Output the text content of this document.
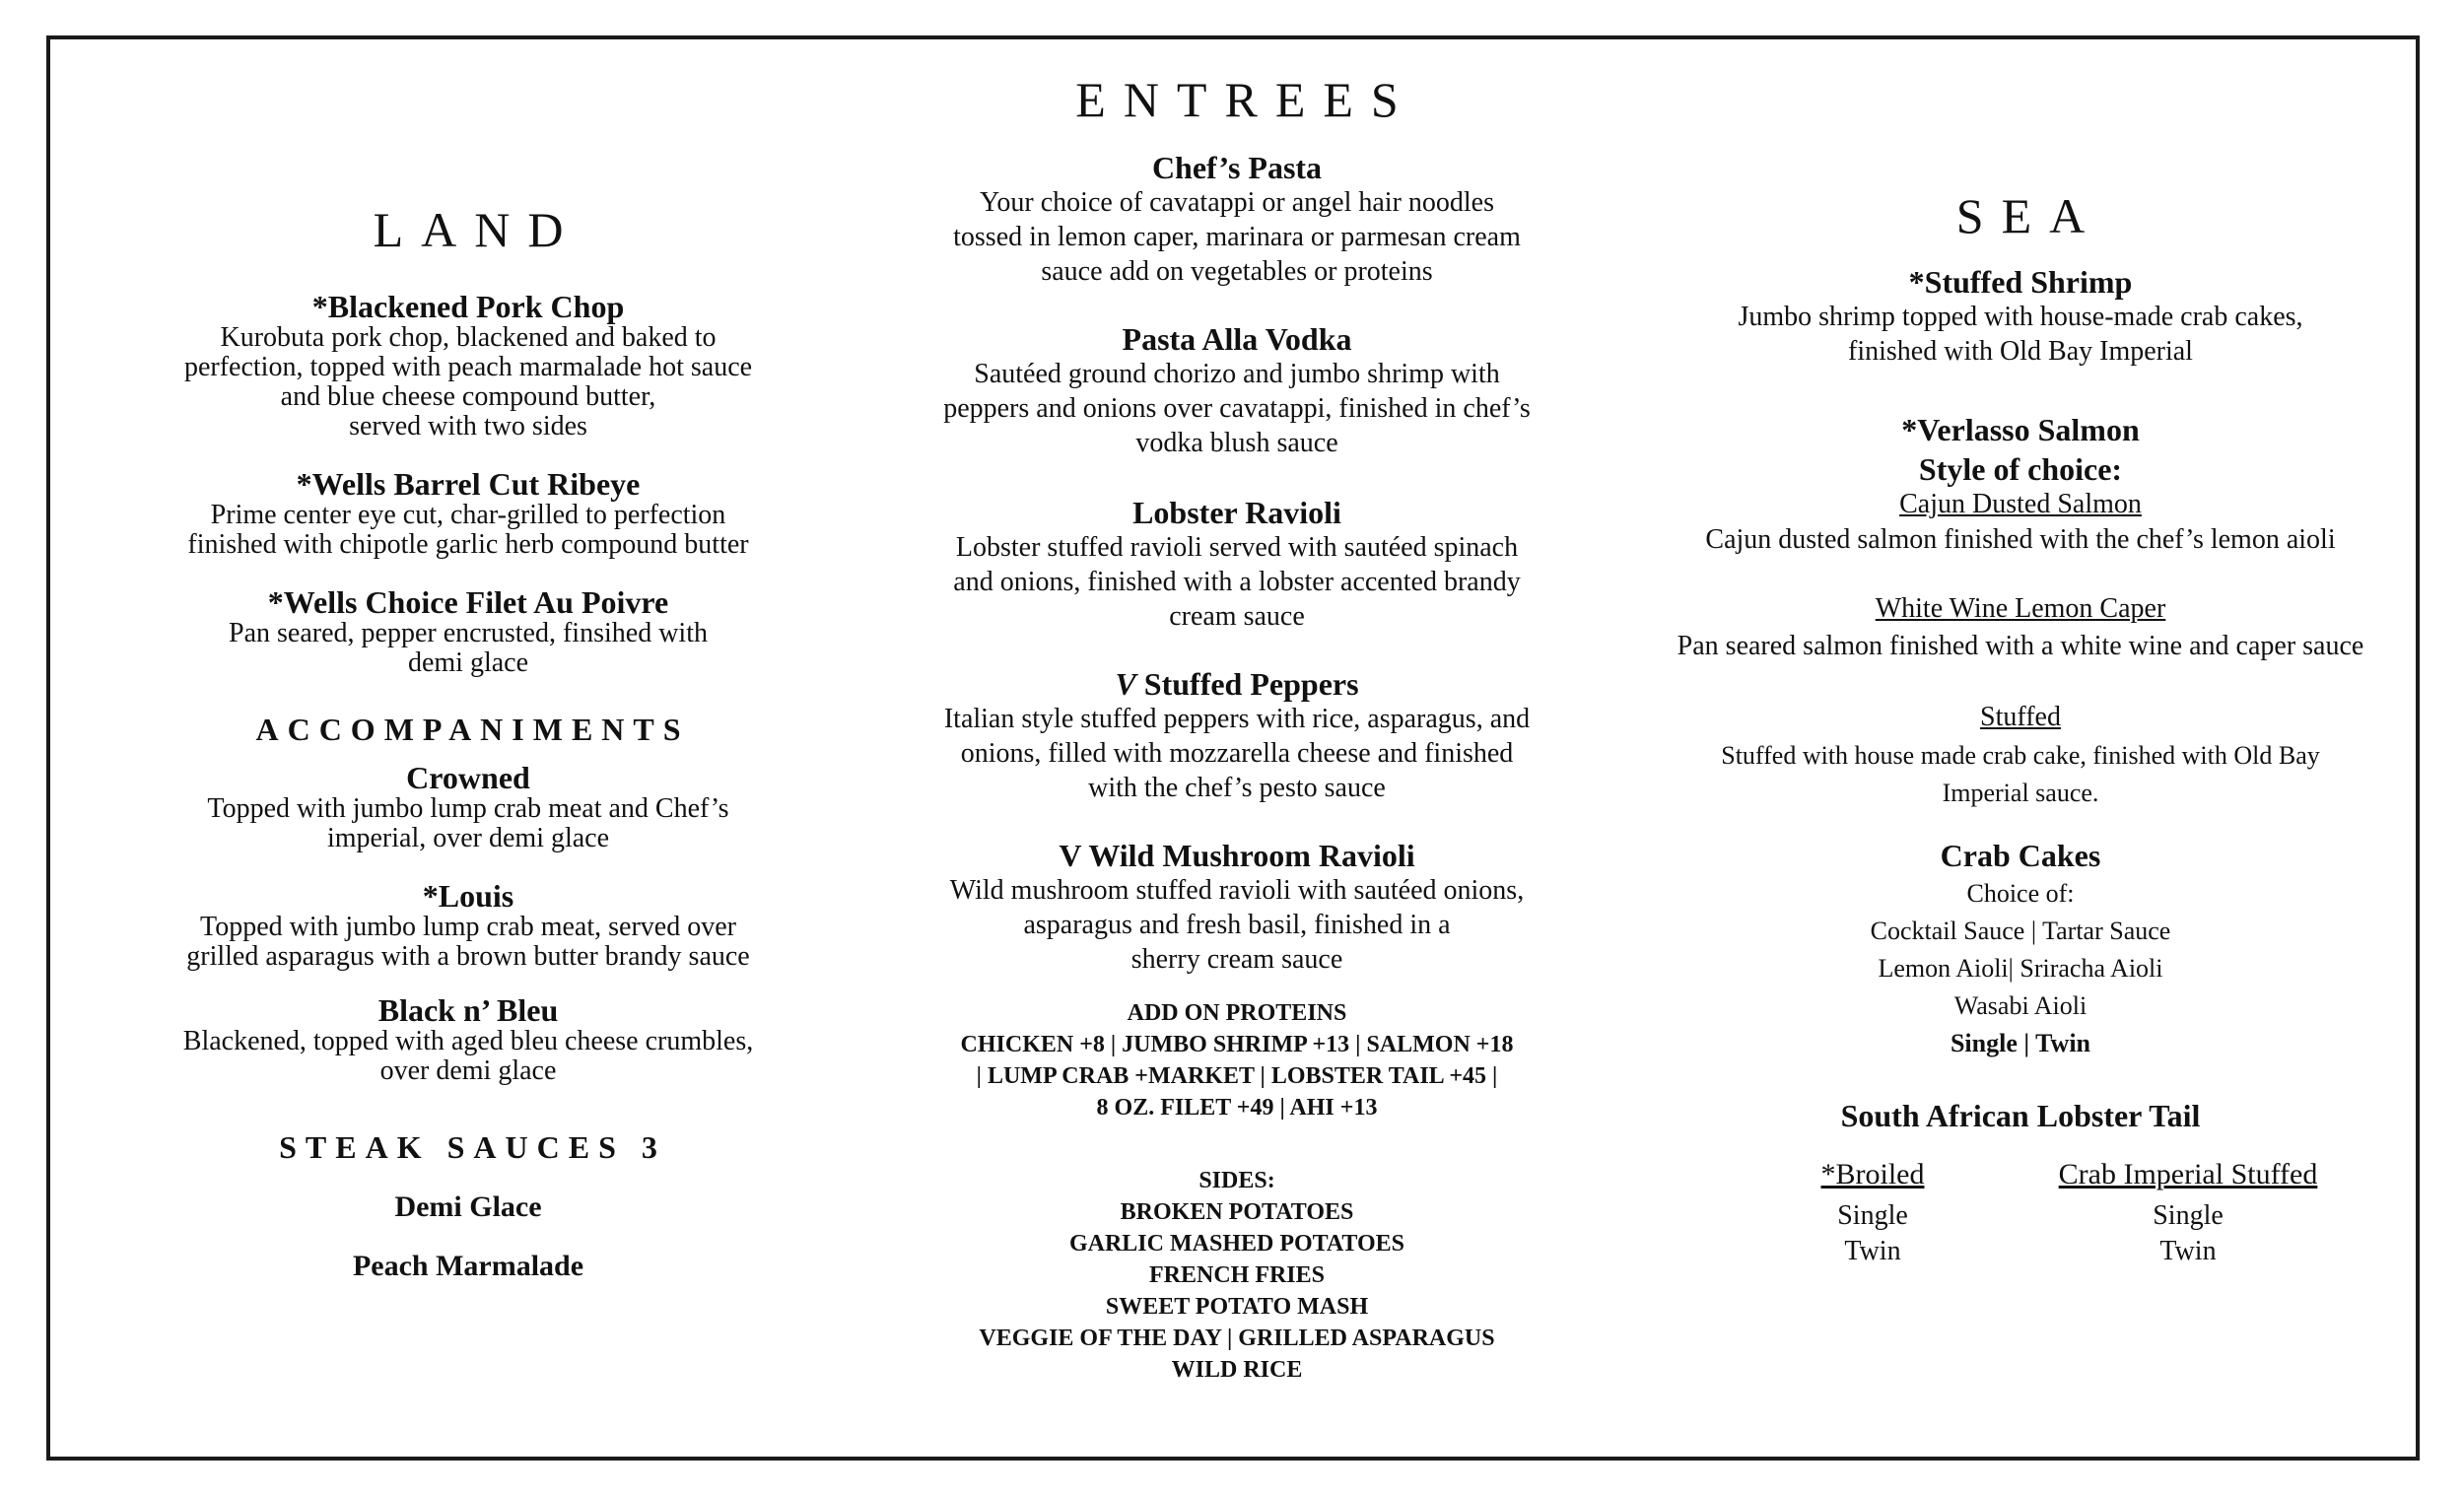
LAND
*Blackened Pork Chop
Kurobuta pork chop, blackened and baked to
perfection, topped with peach marmalade hot sauce
and blue cheese compound butter,
served with two sides
*Wells Barrel Cut Ribeye
Prime center eye cut, char-grilled to perfection
finished with chipotle garlic herb compound butter
*Wells Choice Filet Au Poivre
Pan seared, pepper encrusted, finsihed with
demi glace
ACCOMPANIMENTS
Crowned
Topped with jumbo lump crab meat and Chef’s
imperial, over demi glace
*Louis
Topped with jumbo lump crab meat, served over
grilled asparagus with a brown butter brandy sauce
Black n’ Bleu
Blackened, topped with aged bleu cheese crumbles,
over demi glace
STEAK SAUCES 3
Demi Glace
Peach Marmalade
ENTREES
Chef’s Pasta
Your choice of cavatappi or angel hair noodles
tossed in lemon caper, marinara or parmesan cream
sauce add on vegetables or proteins
Pasta Alla Vodka
Sautéed ground chorizo and jumbo shrimp with
peppers and onions over cavatappi, finished in chef’s
vodka blush sauce
Lobster Ravioli
Lobster stuffed ravioli served with sautéed spinach
and onions, finished with a lobster accented brandy
cream sauce
V Stuffed Peppers
Italian style stuffed peppers with rice, asparagus, and
onions, filled with mozzarella cheese and finished
with the chef’s pesto sauce
V Wild Mushroom Ravioli
Wild mushroom stuffed ravioli with sautéed onions,
asparagus and fresh basil, finished in a
sherry cream sauce
ADD ON PROTEINS
CHICKEN +8 | JUMBO SHRIMP +13 | SALMON +18
| LUMP CRAB +MARKET | LOBSTER TAIL +45 |
8 OZ. FILET +49 | AHI +13
SIDES:
BROKEN POTATOES
GARLIC MASHED POTATOES
FRENCH FRIES
SWEET POTATO MASH
VEGGIE OF THE DAY | GRILLED ASPARAGUS
WILD RICE
SEA
*Stuffed Shrimp
Jumbo shrimp topped with house-made crab cakes,
finished with Old Bay Imperial
*Verlasso Salmon
Style of choice:
Cajun Dusted Salmon
Cajun dusted salmon finished with the chef’s lemon aioli
White Wine Lemon Caper
Pan seared salmon finished with a white wine and caper sauce
Stuffed
Stuffed with house made crab cake, finished with Old Bay
Imperial sauce.
Crab Cakes
Choice of:
Cocktail Sauce | Tartar Sauce
Lemon Aioli| Sriracha Aioli
Wasabi Aioli
Single | Twin
South African Lobster Tail
*Broiled
Single
Twin
Crab Imperial Stuffed
Single
Twin
